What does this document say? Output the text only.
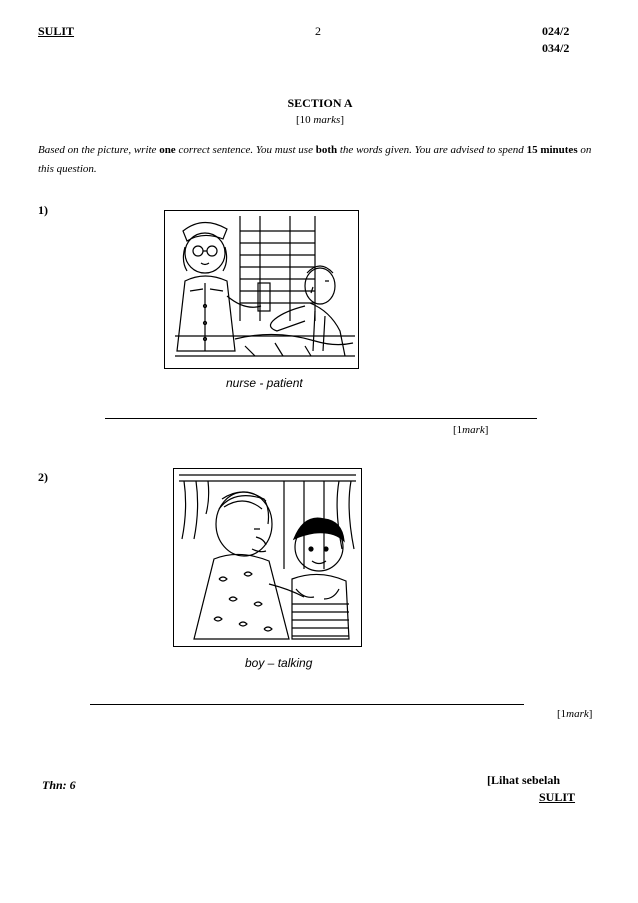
SULIT	2	024/2
034/2
SECTION A
[10 marks]
Based on the picture, write one correct sentence. You must use both the words given. You are advised to spend 15 minutes on this question.
1)
nurse - patient
[1mark]
2)
boy – talking
[1mark]
Thn: 6	[Lihat sebelah
SULIT
